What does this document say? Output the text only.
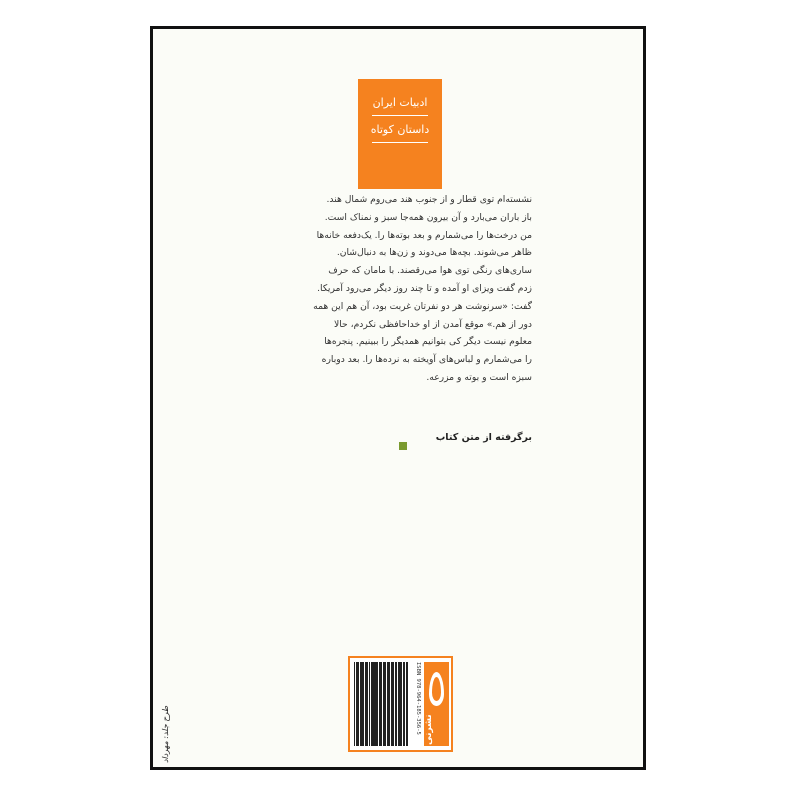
ادبیات ایران
داستان کوتاه

نشسته‌ام توی قطار و از جنوب هند می‌روم شمال هند.

باز باران می‌بارد و آن بیرون همه‌جا سبز و نمناک است.

من درخت‌ها را می‌شمارم و بعد بوته‌ها را. یک‌دفعه خانه‌ها

ظاهر می‌شوند. بچه‌ها می‌دوند و زن‌ها به دنبال‌شان.

ساری‌های رنگی توی هوا می‌رقصند. با مامان که حرف

زدم گفت ویزای او آمده و تا چند روز دیگر می‌رود آمریکا.

گفت: «سرنوشت هر دو نفرتان غربت بود، آن هم این همه

دور از هم.» موقع آمدن از او خداحافظی نکردم، حالا

معلوم نیست دیگر کی بتوانیم همدیگر را ببینیم. پنجره‌ها

را می‌شمارم و لباس‌های آویخته به نرده‌ها را. بعد دوباره

سبزه است و بوته و مزرعه.

برگرفته از متن کتاب
ISBN 978-964-185-356-5 نشرنی
طرح جلد: مهرداد
